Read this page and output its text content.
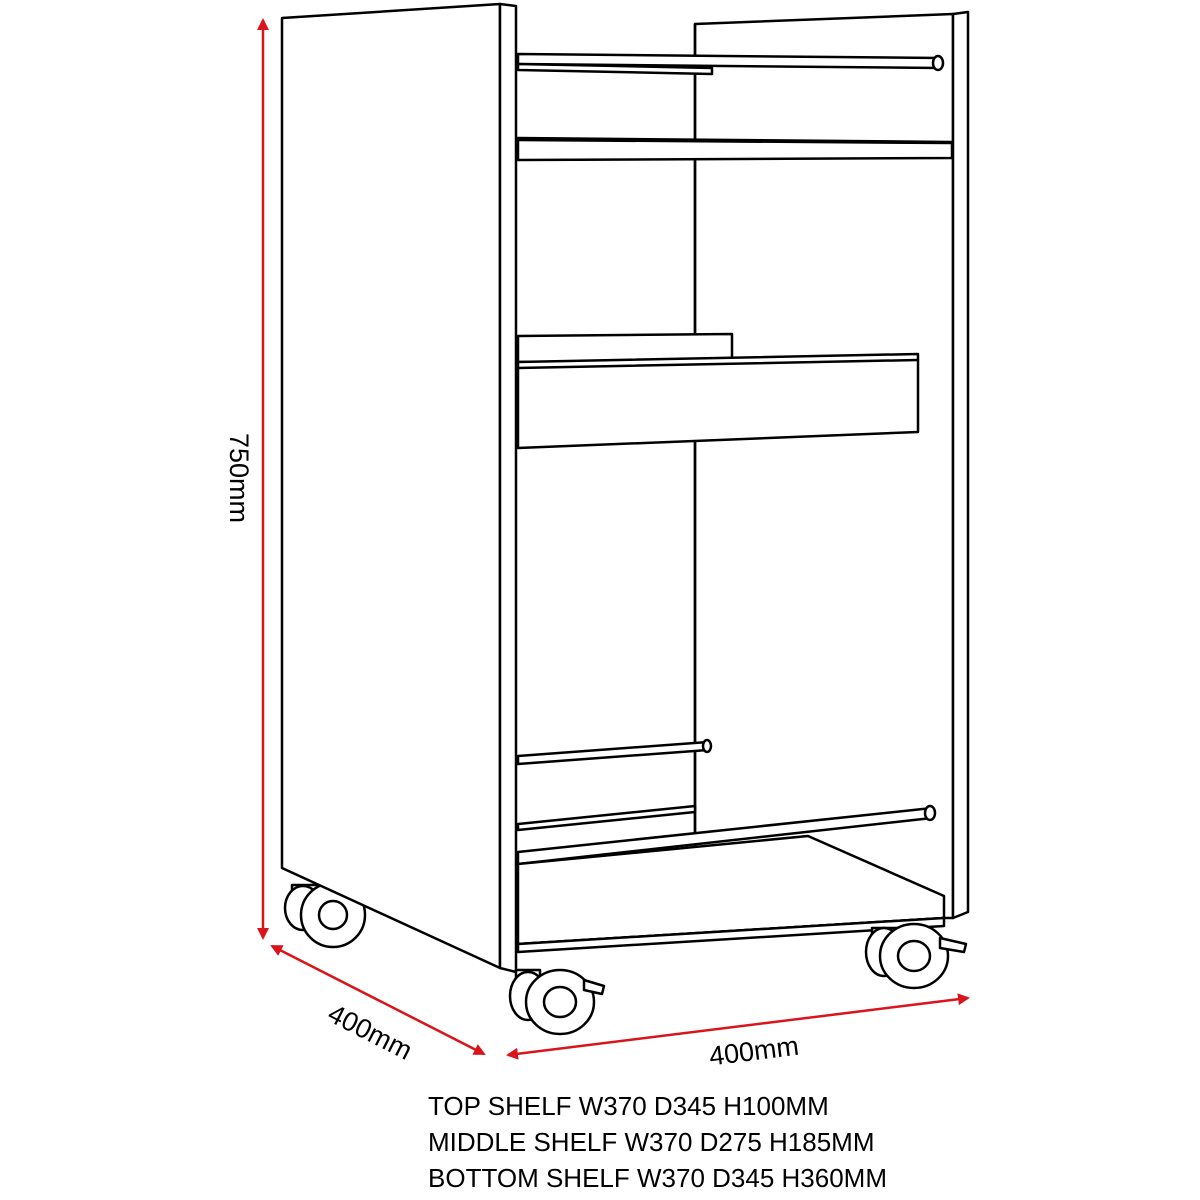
750mm
400mm	400mm
TOP SHELF W370 D345 H100MM
MIDDLE SHELF W370 D275 H185MM
BOTTOM SHELF W370 D345 H360MM
